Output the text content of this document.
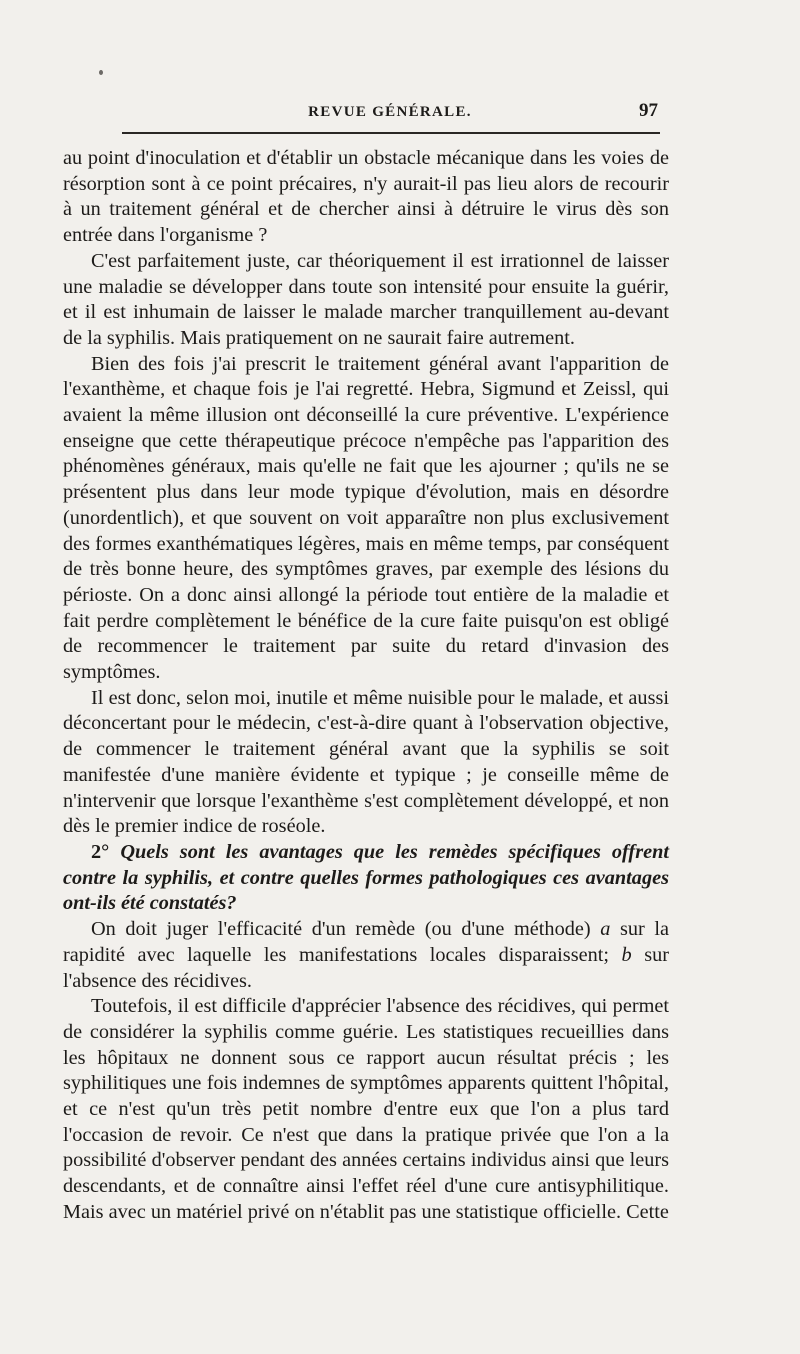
REVUE GÉNÉRALE.	97

au point d'inoculation et d'établir un obstacle mécanique dans les voies de résorption sont à ce point précaires, n'y aurait-il pas lieu alors de recourir à un traitement général et de chercher ainsi à détruire le virus dès son entrée dans l'organisme ?

C'est parfaitement juste, car théoriquement il est irrationnel de laisser une maladie se développer dans toute son intensité pour ensuite la guérir, et il est inhumain de laisser le malade marcher tranquillement au-devant de la syphilis. Mais pratiquement on ne saurait faire autrement.

Bien des fois j'ai prescrit le traitement général avant l'apparition de l'exanthème, et chaque fois je l'ai regretté. Hebra, Sigmund et Zeissl, qui avaient la même illusion ont déconseillé la cure préventive. L'expérience enseigne que cette thérapeutique précoce n'empêche pas l'apparition des phénomènes généraux, mais qu'elle ne fait que les ajourner ; qu'ils ne se présentent plus dans leur mode typique d'évolution, mais en désordre (unordentlich), et que souvent on voit apparaître non plus exclusivement des formes exanthématiques légères, mais en même temps, par conséquent de très bonne heure, des symptômes graves, par exemple des lésions du périoste. On a donc ainsi allongé la période tout entière de la maladie et fait perdre complètement le bénéfice de la cure faite puisqu'on est obligé de recommencer le traitement par suite du retard d'invasion des symptômes.

Il est donc, selon moi, inutile et même nuisible pour le malade, et aussi déconcertant pour le médecin, c'est-à-dire quant à l'observation objective, de commencer le traitement général avant que la syphilis se soit manifestée d'une manière évidente et typique ; je conseille même de n'intervenir que lorsque l'exanthème s'est complètement développé, et non dès le premier indice de roséole.

2° Quels sont les avantages que les remèdes spécifiques offrent contre la syphilis, et contre quelles formes pathologiques ces avantages ont-ils été constatés?

On doit juger l'efficacité d'un remède (ou d'une méthode) a sur la rapidité avec laquelle les manifestations locales disparaissent; b sur l'absence des récidives.

Toutefois, il est difficile d'apprécier l'absence des récidives, qui permet de considérer la syphilis comme guérie. Les statistiques recueillies dans les hôpitaux ne donnent sous ce rapport aucun résultat précis ; les syphilitiques une fois indemnes de symptômes apparents quittent l'hôpital, et ce n'est qu'un très petit nombre d'entre eux que l'on a plus tard l'occasion de revoir. Ce n'est que dans la pratique privée que l'on a la possibilité d'observer pendant des années certains individus ainsi que leurs descendants, et de connaître ainsi l'effet réel d'une cure antisyphilitique. Mais avec un matériel privé on n'établit pas une statistique officielle. Cette
